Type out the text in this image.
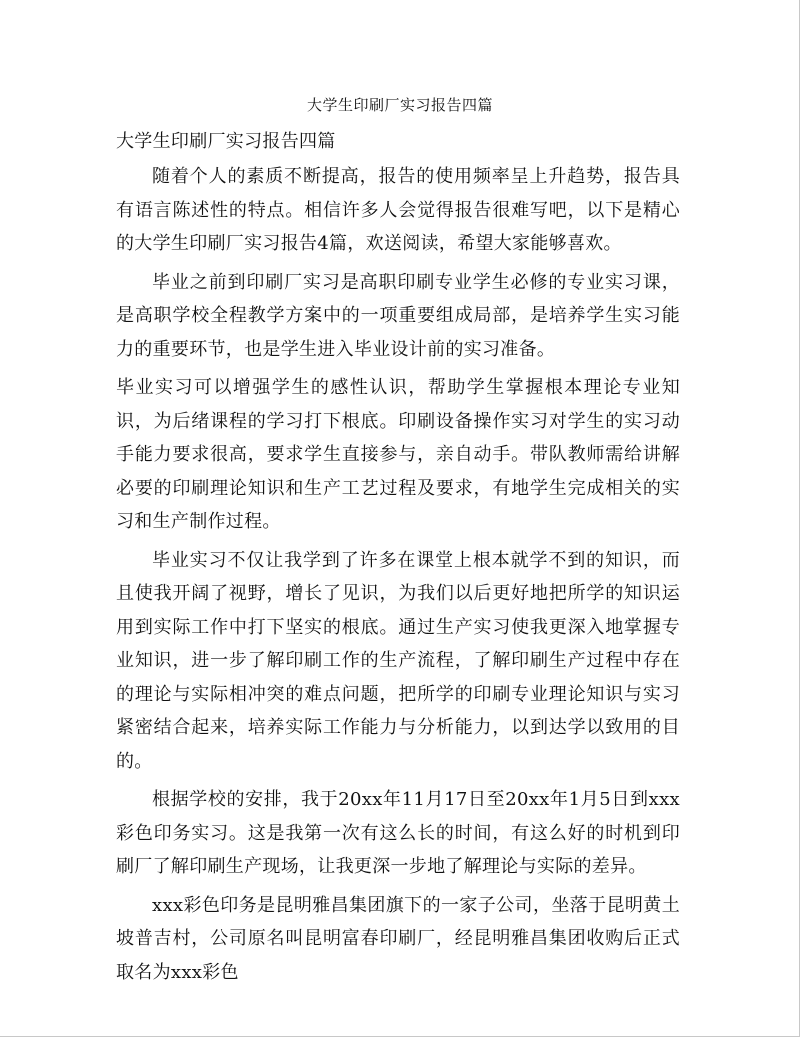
大学生印刷厂实习报告四篇
大学生印刷厂实习报告四篇

随着个人的素质不断提高，报告的使用频率呈上升趋势，报告具有语言陈述性的特点。相信许多人会觉得报告很难写吧，以下是精心的大学生印刷厂实习报告4篇，欢送阅读，希望大家能够喜欢。

毕业之前到印刷厂实习是高职印刷专业学生必修的专业实习课，是高职学校全程教学方案中的一项重要组成局部，是培养学生实习能力的重要环节，也是学生进入毕业设计前的实习准备。

毕业实习可以增强学生的感性认识，帮助学生掌握根本理论专业知识，为后绪课程的学习打下根底。印刷设备操作实习对学生的实习动手能力要求很高，要求学生直接参与，亲自动手。带队教师需给讲解必要的印刷理论知识和生产工艺过程及要求，有地学生完成相关的实习和生产制作过程。

毕业实习不仅让我学到了许多在课堂上根本就学不到的知识，而且使我开阔了视野，增长了见识，为我们以后更好地把所学的知识运用到实际工作中打下坚实的根底。通过生产实习使我更深入地掌握专业知识，进一步了解印刷工作的生产流程，了解印刷生产过程中存在的理论与实际相冲突的难点问题，把所学的印刷专业理论知识与实习紧密结合起来，培养实际工作能力与分析能力，以到达学以致用的目的。

根据学校的安排，我于20xx年11月17日至20xx年1月5日到xxx彩色印务实习。这是我第一次有这么长的时间，有这么好的时机到印刷厂了解印刷生产现场，让我更深一步地了解理论与实际的差异。

xxx彩色印务是昆明雅昌集团旗下的一家子公司，坐落于昆明黄土坡普吉村，公司原名叫昆明富春印刷厂，经昆明雅昌集团收购后正式取名为xxx彩色
